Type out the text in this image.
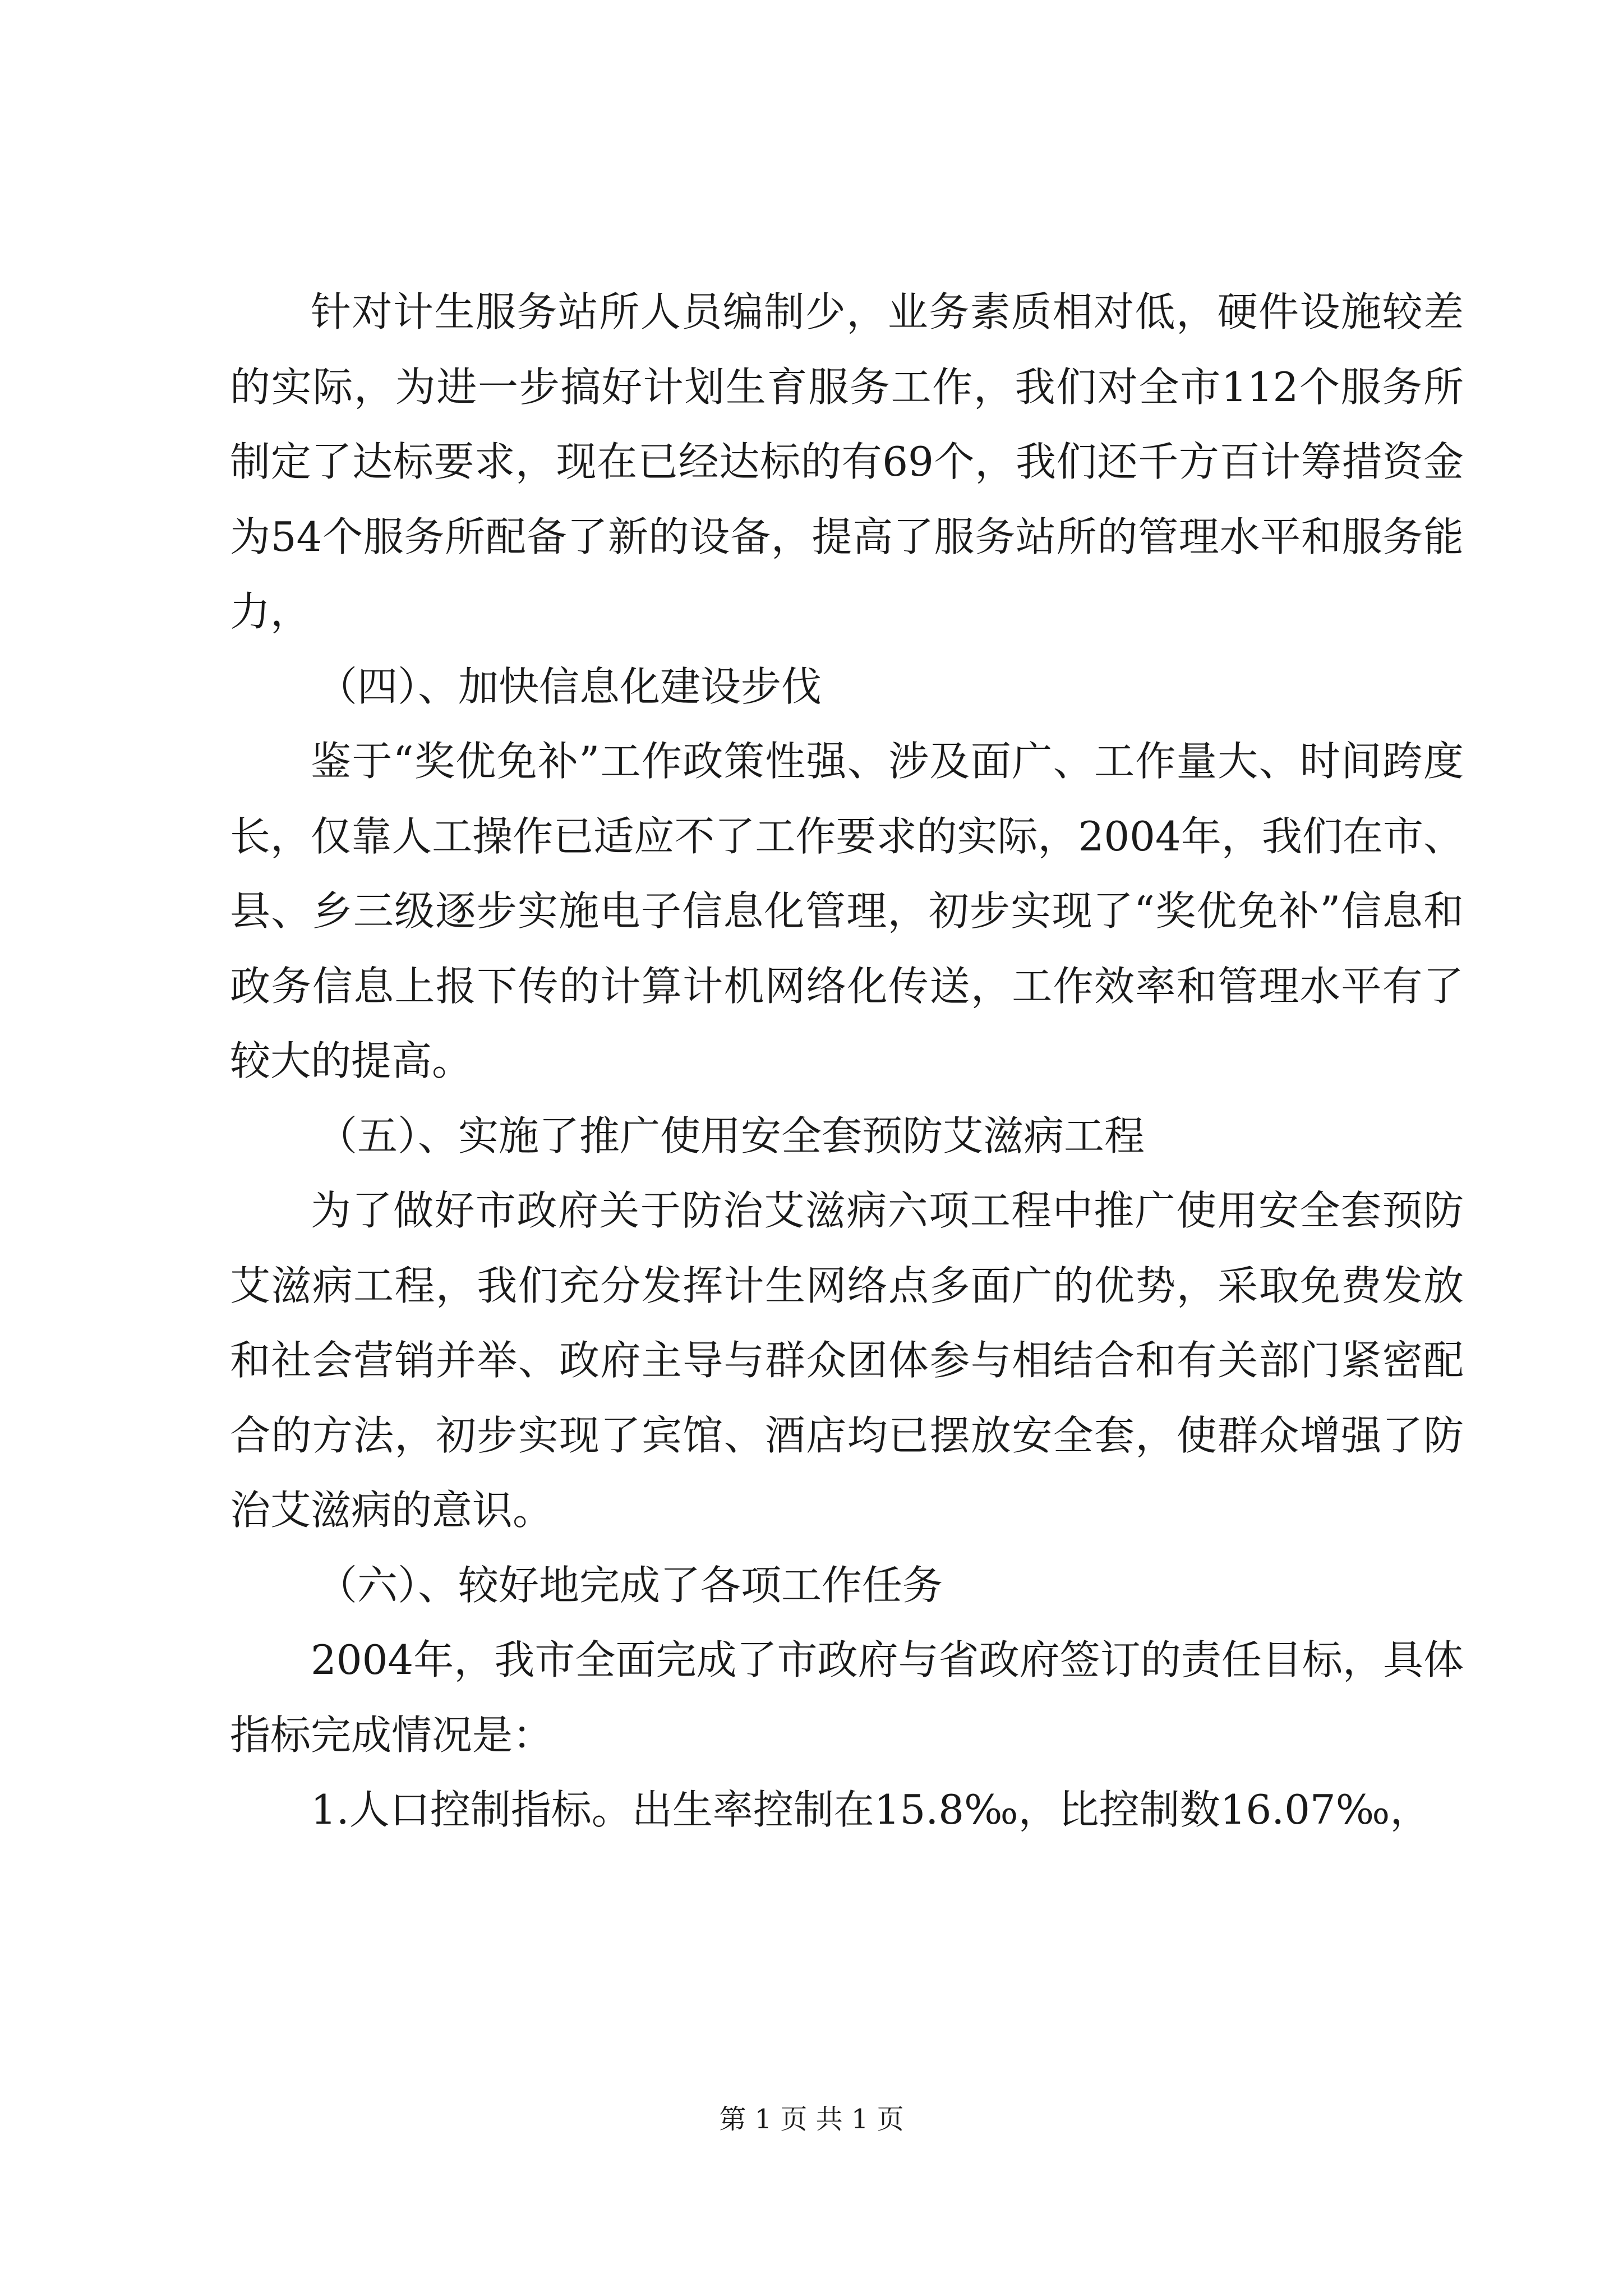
针对计生服务站所人员编制少，业务素质相对低，硬件设施较差的实际，为进一步搞好计划生育服务工作，我们对全市112个服务所制定了达标要求，现在已经达标的有69个，我们还千方百计筹措资金为54个服务所配备了新的设备，提高了服务站所的管理水平和服务能力，

（四）、加快信息化建设步伐

鉴于“奖优免补”工作政策性强、涉及面广、工作量大、时间跨度长，仅靠人工操作已适应不了工作要求的实际，2004年，我们在市、县、乡三级逐步实施电子信息化管理，初步实现了“奖优免补”信息和政务信息上报下传的计算计机网络化传送，工作效率和管理水平有了较大的提高。

（五）、实施了推广使用安全套预防艾滋病工程

为了做好市政府关于防治艾滋病六项工程中推广使用安全套预防艾滋病工程，我们充分发挥计生网络点多面广的优势，采取免费发放和社会营销并举、政府主导与群众团体参与相结合和有关部门紧密配合的方法，初步实现了宾馆、酒店均已摆放安全套，使群众增强了防治艾滋病的意识。

（六）、较好地完成了各项工作任务

2004年，我市全面完成了市政府与省政府签订的责任目标，具体指标完成情况是：

1.人口控制指标。出生率控制在15.8‰，比控制数16.07‰，

第 1 页 共 1 页
